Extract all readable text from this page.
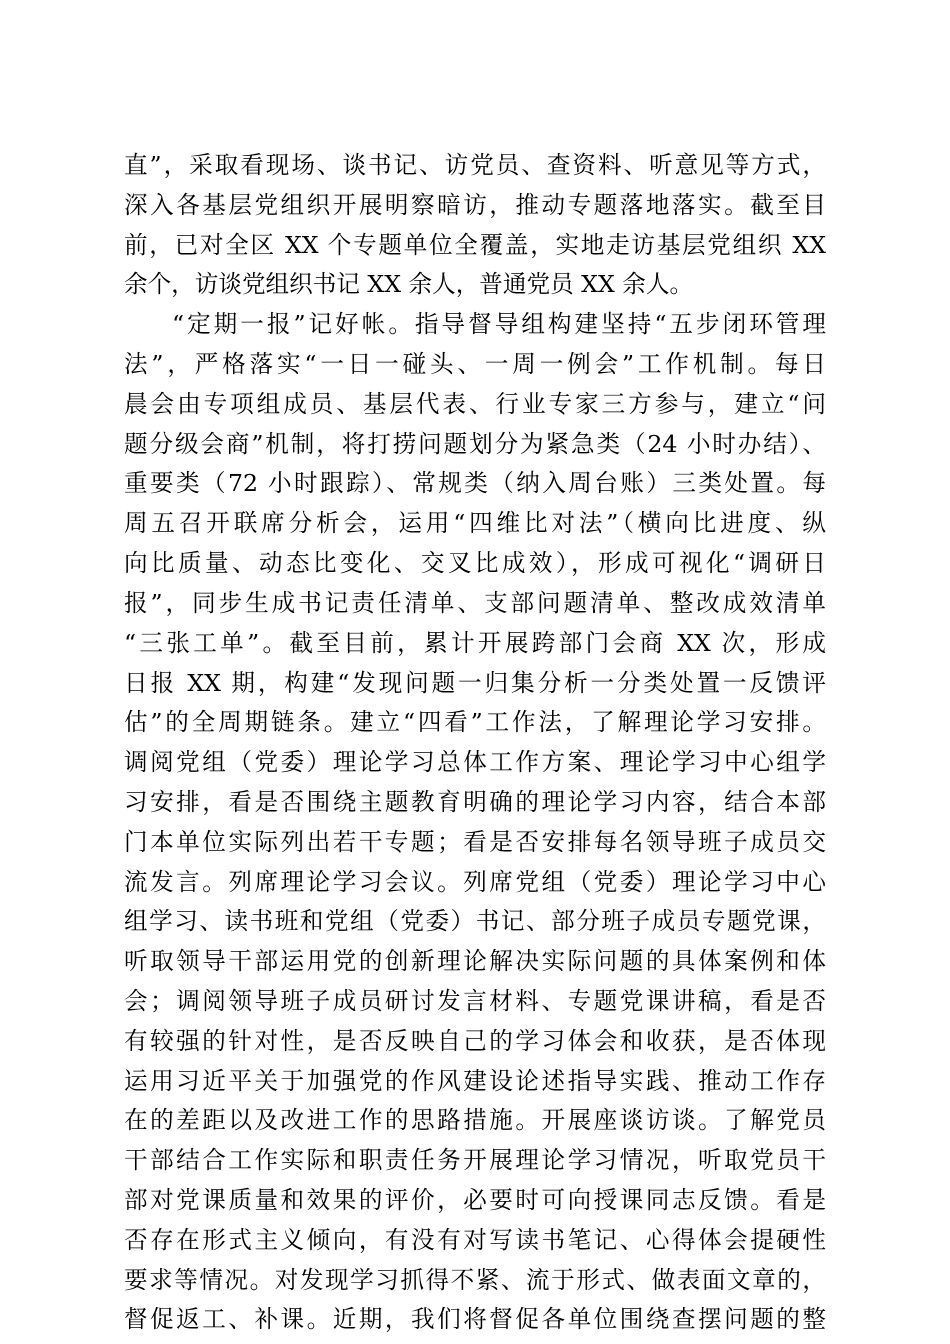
直”，采取看现场、谈书记、访党员、查资料、听意见等方式，
深入各基层党组织开展明察暗访，推动专题落地落实。截至目
前，已对全区 XX 个专题单位全覆盖，实地走访基层党组织 XX
余个，访谈党组织书记 XX 余人，普通党员 XX 余人。
“定期一报”记好帐。指导督导组构建坚持“五步闭环管理
法”，严格落实“一日一碰头、一周一例会”工作机制。每日
晨会由专项组成员、基层代表、行业专家三方参与，建立“问
题分级会商”机制，将打捞问题划分为紧急类（24 小时办结）、
重要类（72 小时跟踪）、常规类（纳入周台账）三类处置。每
周五召开联席分析会，运用“四维比对法”（横向比进度、纵
向比质量、动态比变化、交叉比成效），形成可视化“调研日
报”，同步生成书记责任清单、支部问题清单、整改成效清单
“三张工单”。截至目前，累计开展跨部门会商 XX 次，形成
日报 XX 期，构建“发现问题一归集分析一分类处置一反馈评
估”的全周期链条。建立“四看”工作法，了解理论学习安排。
调阅党组（党委）理论学习总体工作方案、理论学习中心组学
习安排，看是否围绕主题教育明确的理论学习内容，结合本部
门本单位实际列出若干专题；看是否安排每名领导班子成员交
流发言。列席理论学习会议。列席党组（党委）理论学习中心
组学习、读书班和党组（党委）书记、部分班子成员专题党课，
听取领导干部运用党的创新理论解决实际问题的具体案例和体
会；调阅领导班子成员研讨发言材料、专题党课讲稿，看是否
有较强的针对性，是否反映自己的学习体会和收获，是否体现
运用习近平关于加强党的作风建设论述指导实践、推动工作存
在的差距以及改进工作的思路措施。开展座谈访谈。了解党员
干部结合工作实际和职责任务开展理论学习情况，听取党员干
部对党课质量和效果的评价，必要时可向授课同志反馈。看是
否存在形式主义倾向，有没有对写读书笔记、心得体会提硬性
要求等情况。对发现学习抓得不紧、流于形式、做表面文章的，
督促返工、补课。近期，我们将督促各单位围绕查摆问题的整
